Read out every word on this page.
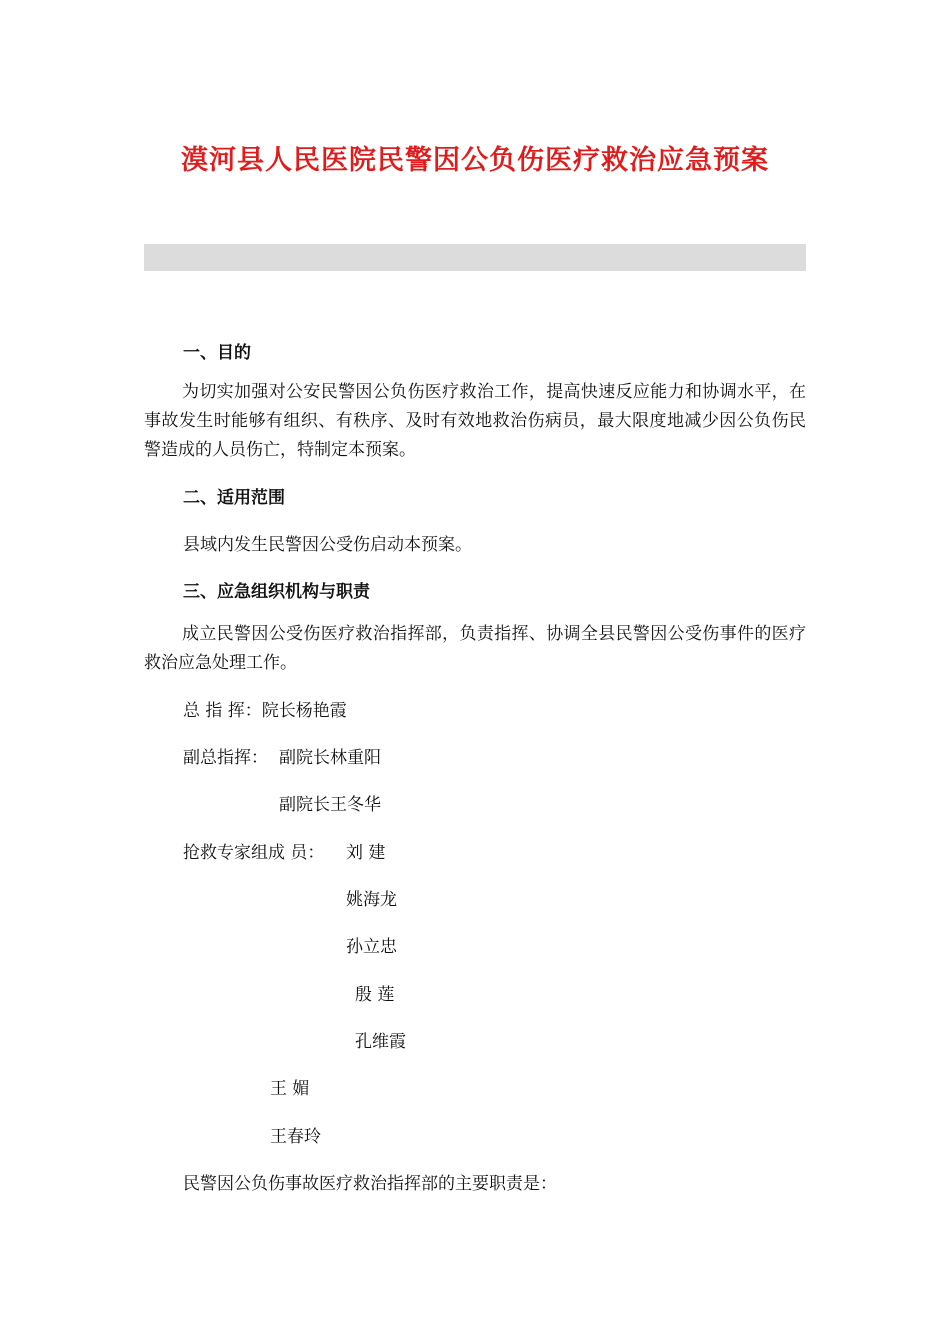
漠河县人民医院民警因公负伤医疗救治应急预案
一、目的
为切实加强对公安民警因公负伤医疗救治工作，提高快速反应能力和协调水平，在事故发生时能够有组织、有秩序、及时有效地救治伤病员，最大限度地减少因公负伤民警造成的人员伤亡，特制定本预案。
二、适用范围
县域内发生民警因公受伤启动本预案。
三、应急组织机构与职责
成立民警因公受伤医疗救治指挥部，负责指挥、协调全县民警因公受伤事件的医疗救治应急处理工作。
总 指 挥：院长杨艳霞
副总指挥： 副院长林重阳
副院长王冬华
抢救专家组成 员： 刘 建
姚海龙
孙立忠
殷 莲
孔维霞
王 媚
王春玲
民警因公负伤事故医疗救治指挥部的主要职责是：
